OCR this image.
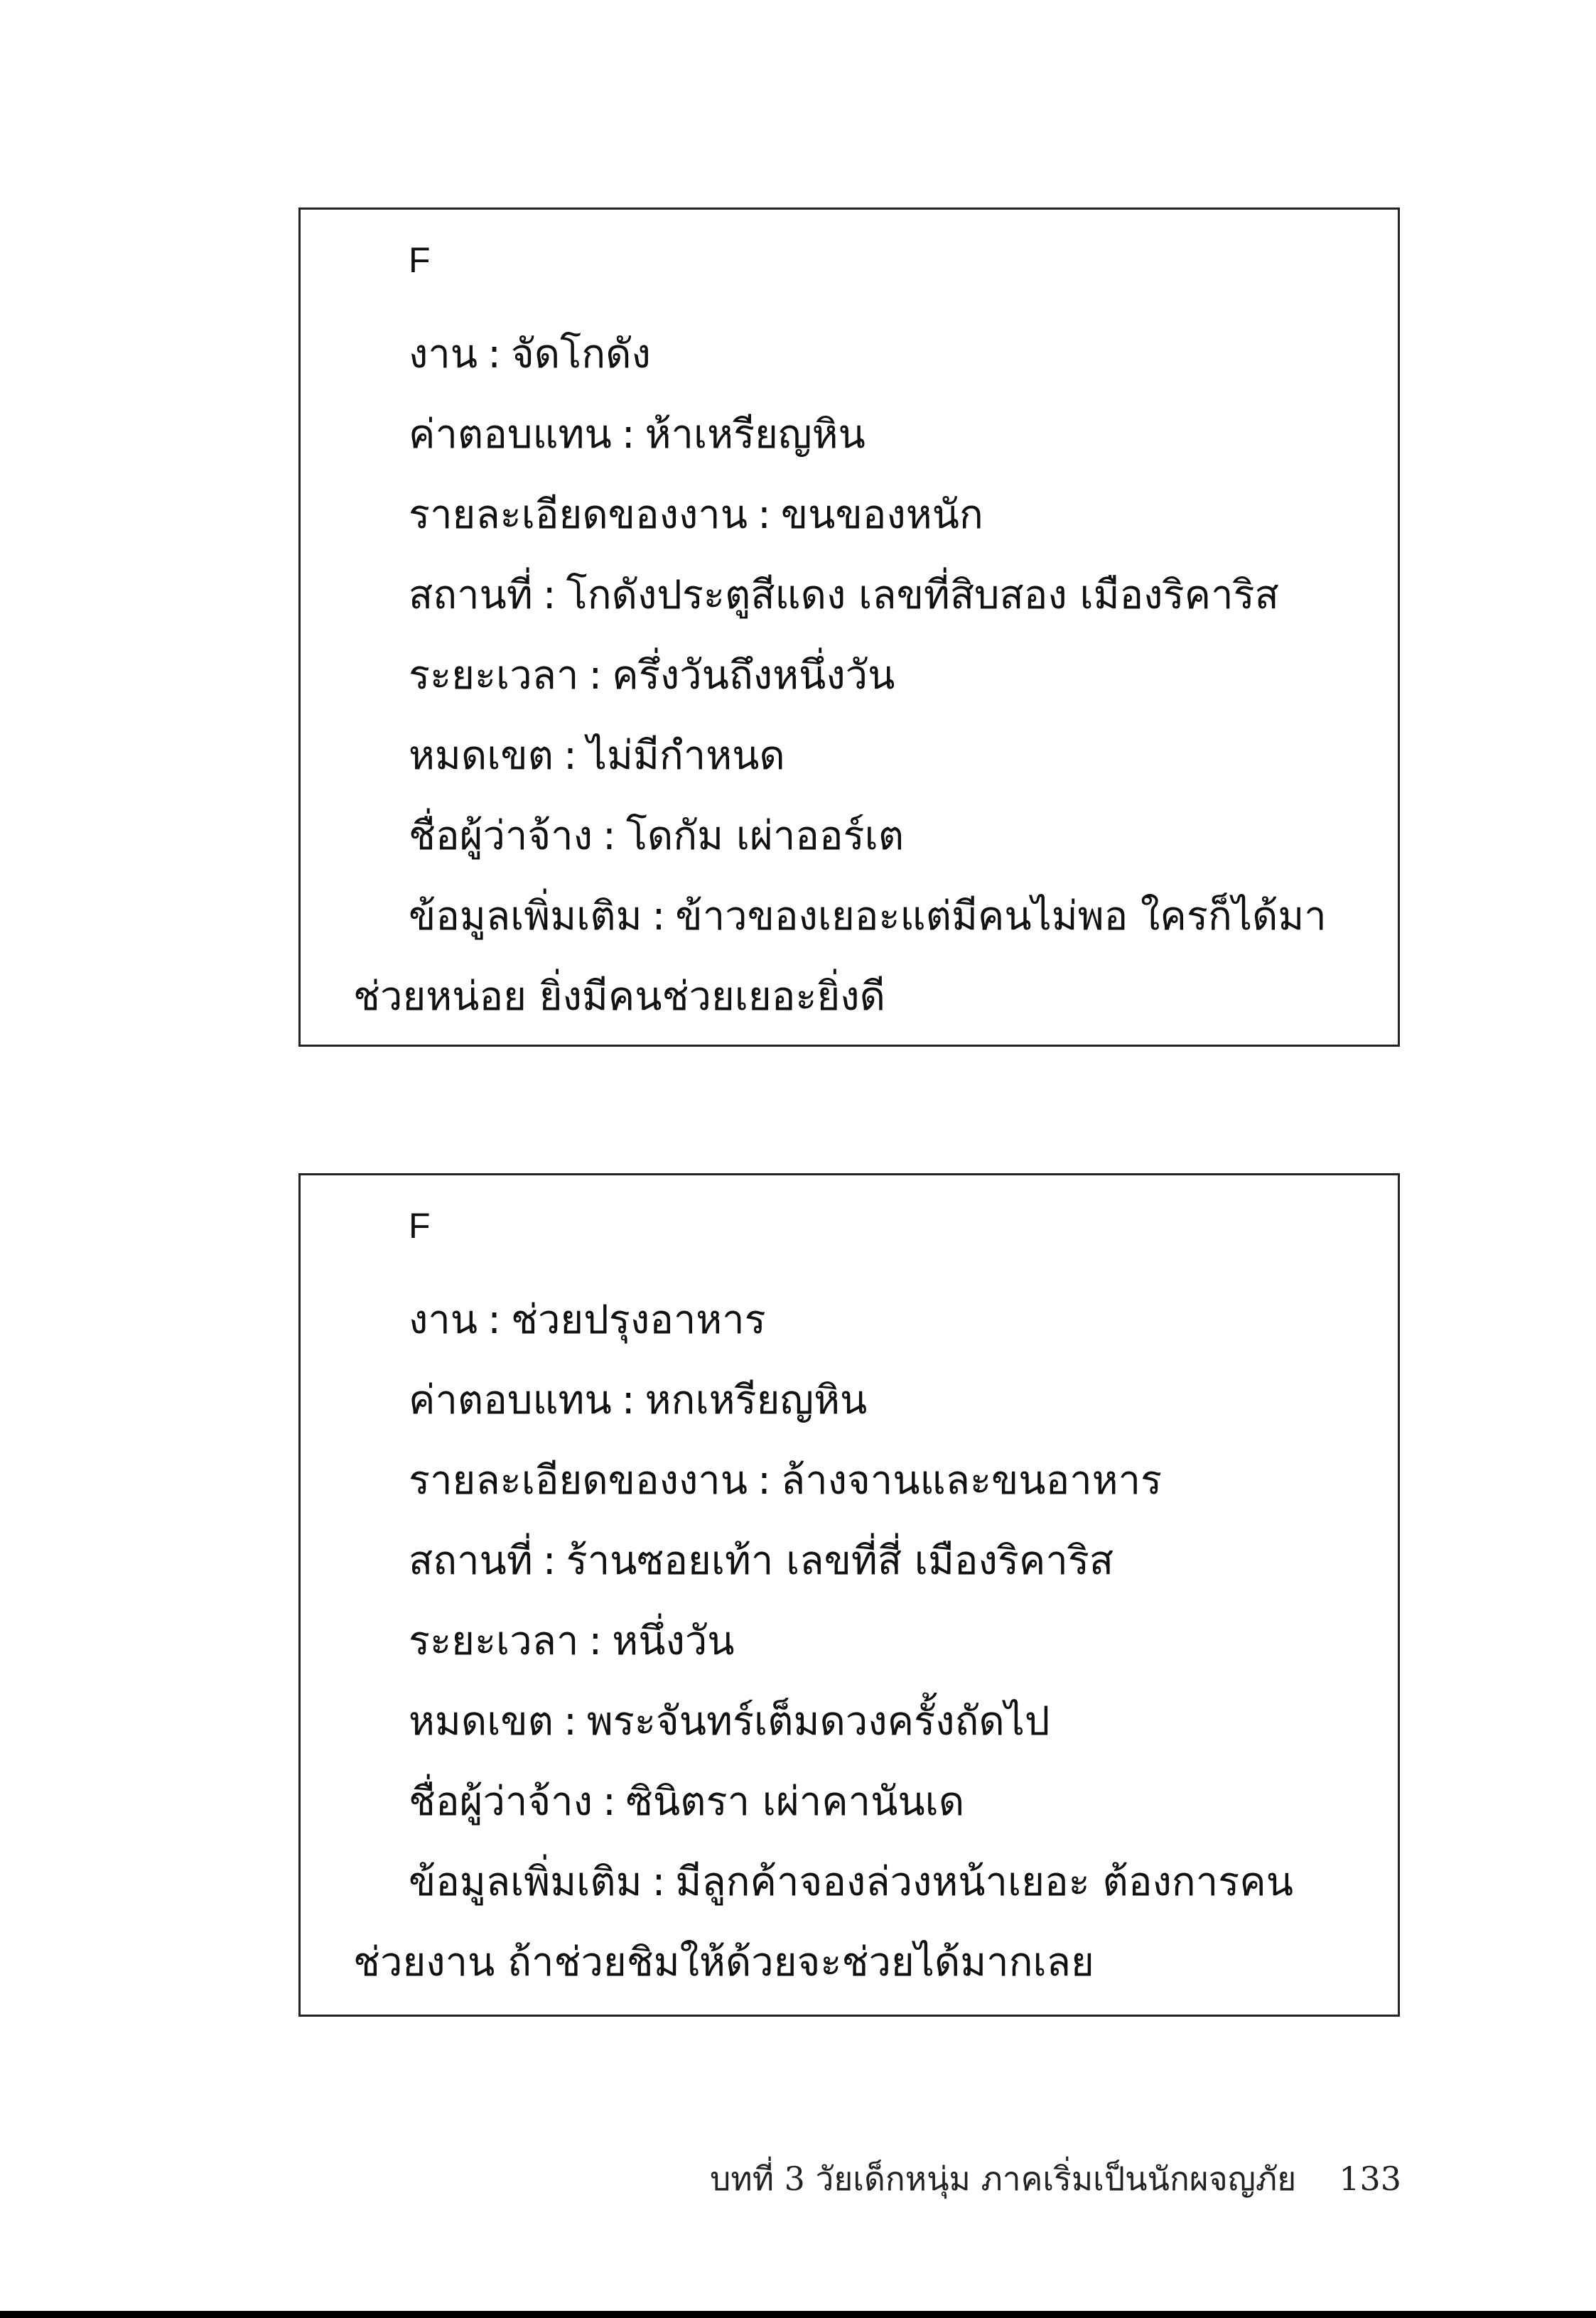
F
งาน : จัดโกดัง
ค่าตอบแทน : ห้าเหรียญหิน
รายละเอียดของงาน : ขนของหนัก
สถานที่ : โกดังประตูสีแดง เลขที่สิบสอง เมืองริคาริส
ระยะเวลา : ครึ่งวันถึงหนึ่งวัน
หมดเขต : ไม่มีกำหนด
ชื่อผู้ว่าจ้าง : โดกัม เผ่าออร์เต
ข้อมูลเพิ่มเติม : ข้าวของเยอะแต่มีคนไม่พอ ใครก็ได้มาช่วยหน่อย ยิ่งมีคนช่วยเยอะยิ่งดี
F
งาน : ช่วยปรุงอาหาร
ค่าตอบแทน : หกเหรียญหิน
รายละเอียดของงาน : ล้างจานและขนอาหาร
สถานที่ : ร้านซอยเท้า เลขที่สี่ เมืองริคาริส
ระยะเวลา : หนึ่งวัน
หมดเขต : พระจันทร์เต็มดวงครั้งถัดไป
ชื่อผู้ว่าจ้าง : ซินิตรา เผ่าคานันเด
ข้อมูลเพิ่มเติม : มีลูกค้าจองล่วงหน้าเยอะ ต้องการคนช่วยงาน ถ้าช่วยชิมให้ด้วยจะช่วยได้มากเลย
บทที่ 3 วัยเด็กหนุ่ม ภาคเริ่มเป็นนักผจญภัย 133
